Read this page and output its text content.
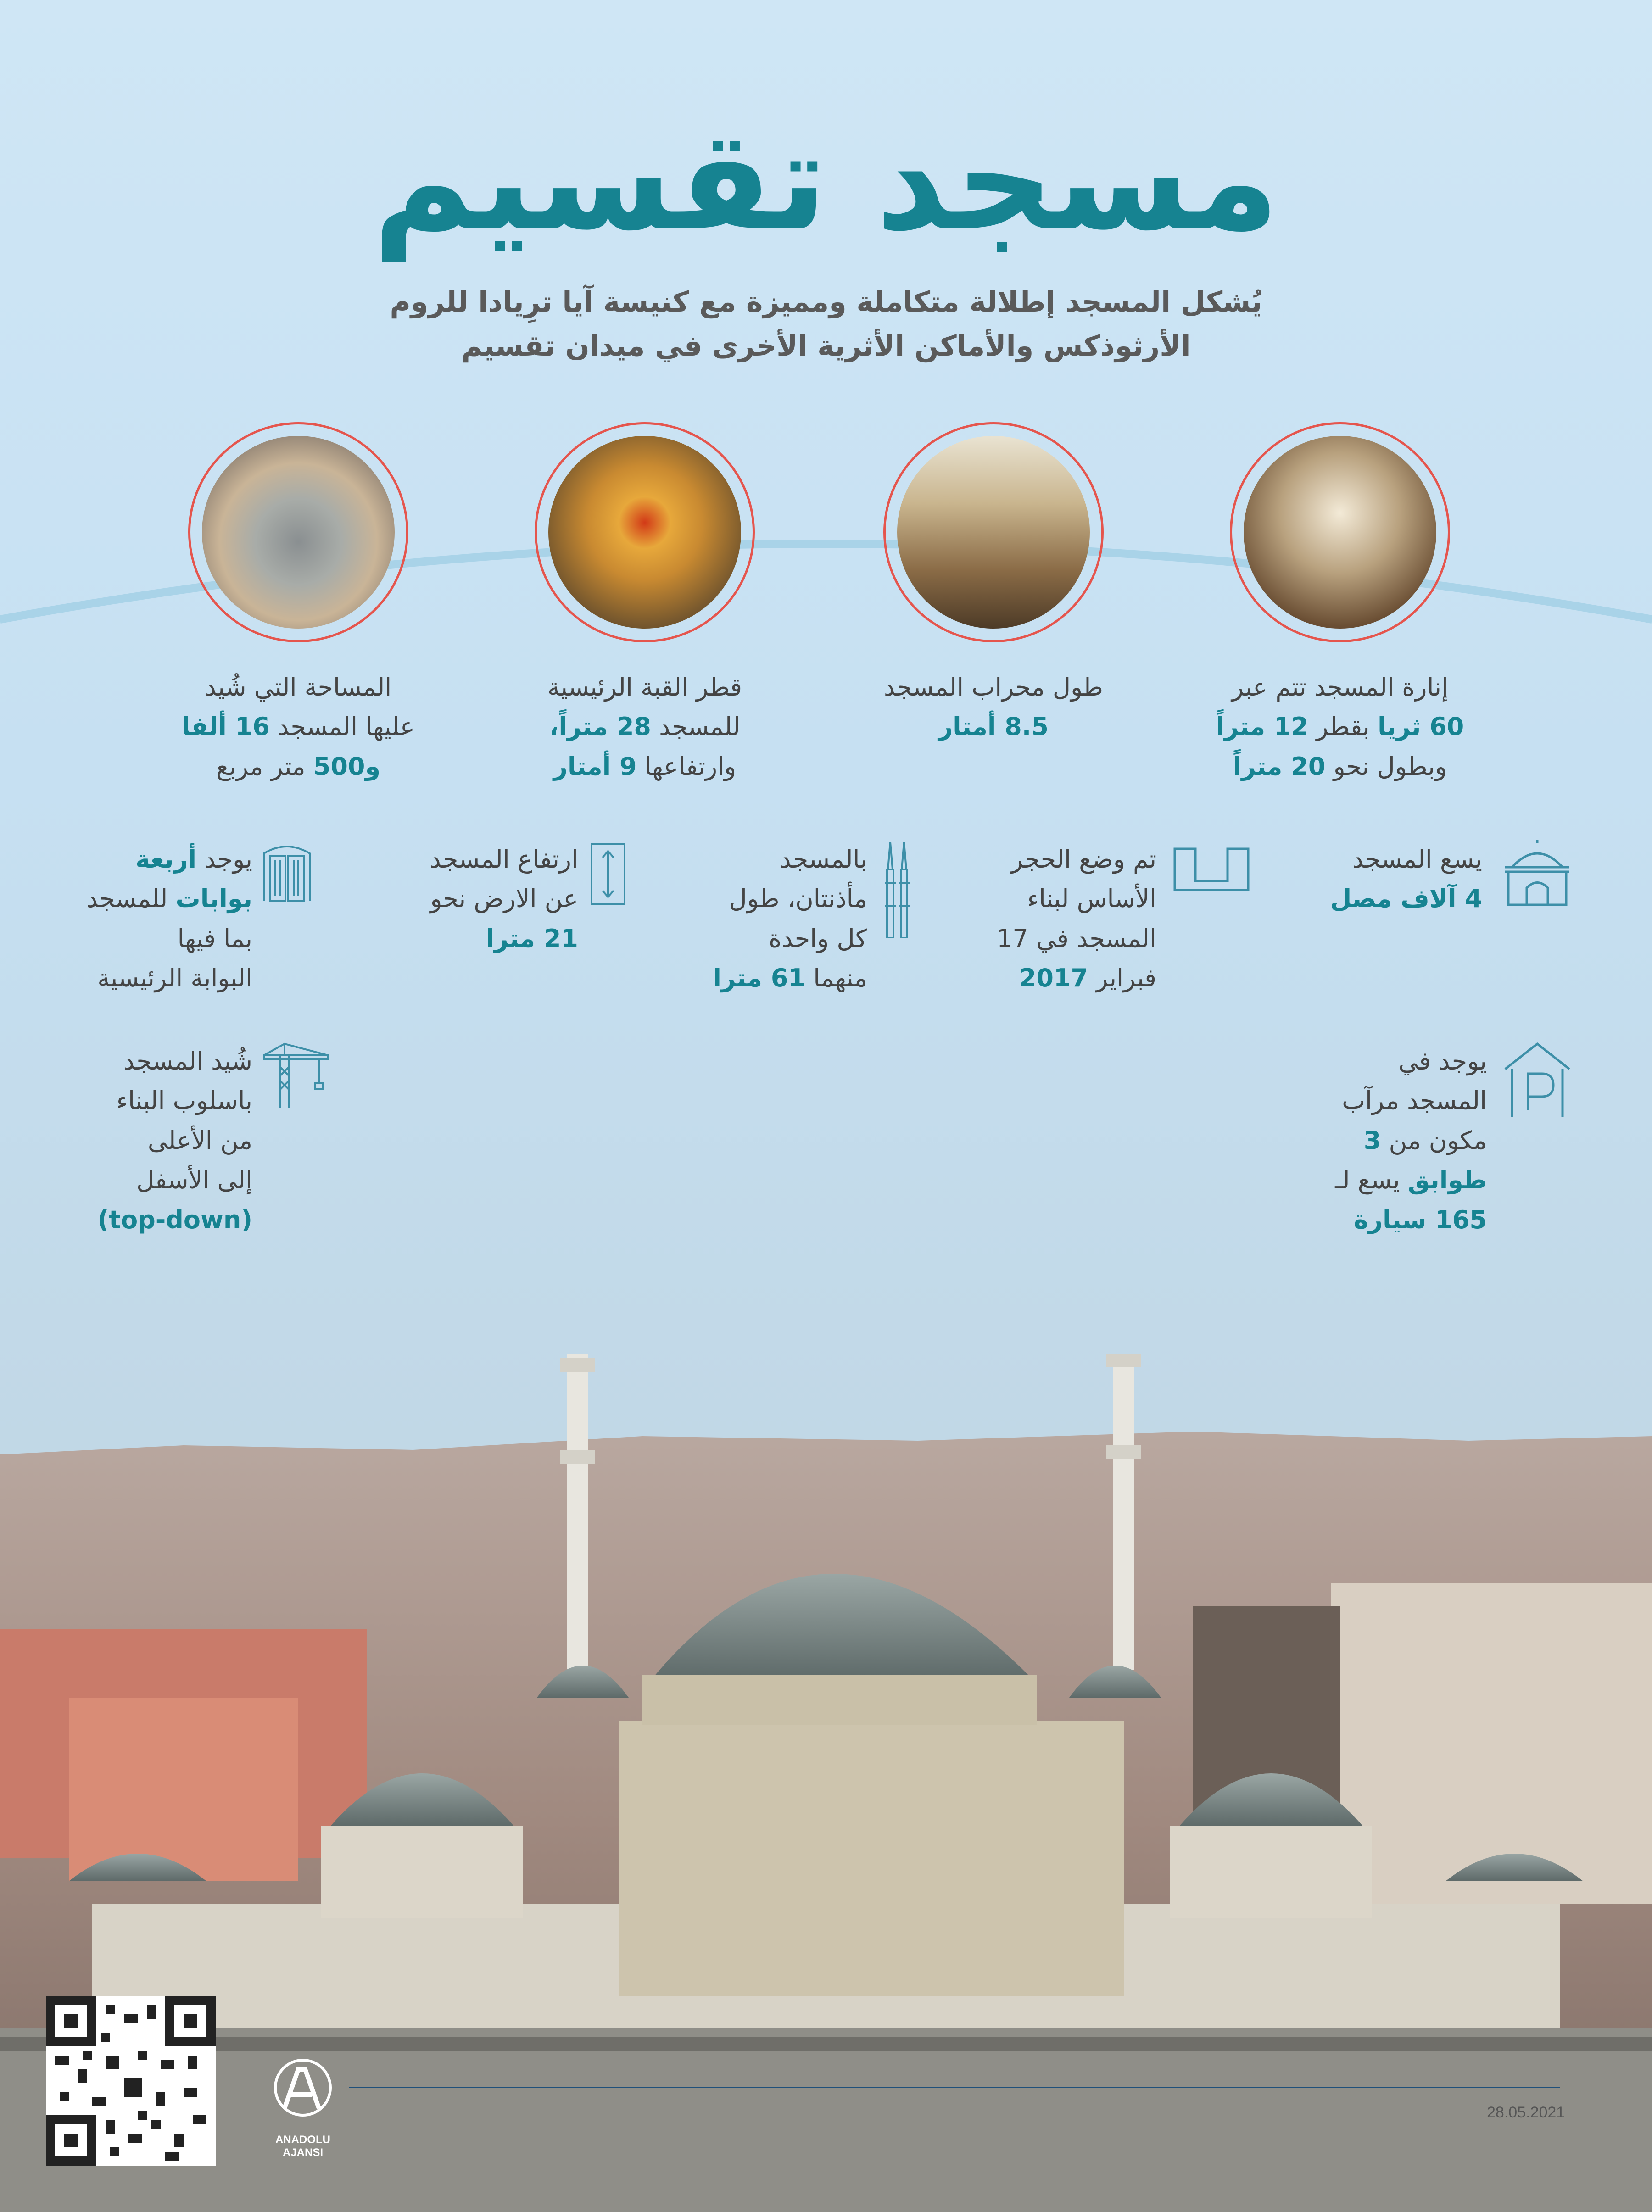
مسجد تقسيم
يُشكل المسجد إطلالة متكاملة ومميزة مع كنيسة آيا ترِيادا للروم
الأرثوذكس والأماكن الأثرية الأخرى في ميدان تقسيم
إنارة المسجد تتم عبر
60 ثريا بقطر 12 متراً
وبطول نحو 20 متراً
طول محراب المسجد
8.5 أمتار
قطر القبة الرئيسية
للمسجد 28 متراً،
وارتفاعها 9 أمتار
المساحة التي شُيد
عليها المسجد 16 ألفا
و500 متر مربع
يسع المسجد
4 آلاف مصل
تم وضع الحجر
الأساس لبناء
المسجد في 17
فبراير 2017
بالمسجد
مأذنتان، طول
كل واحدة
منهما 61 مترا
ارتفاع المسجد
عن الارض نحو
21 مترا
يوجد أربعة
بوابات للمسجد
بما فيها
البوابة الرئيسية
يوجد في
المسجد مرآب
مكون من 3
طوابق يسع لـ
165 سيارة
شُيد المسجد
باسلوب البناء
من الأعلى
إلى الأسفل
(top-down)
ANADOLU AJANSI
28.05.2021
